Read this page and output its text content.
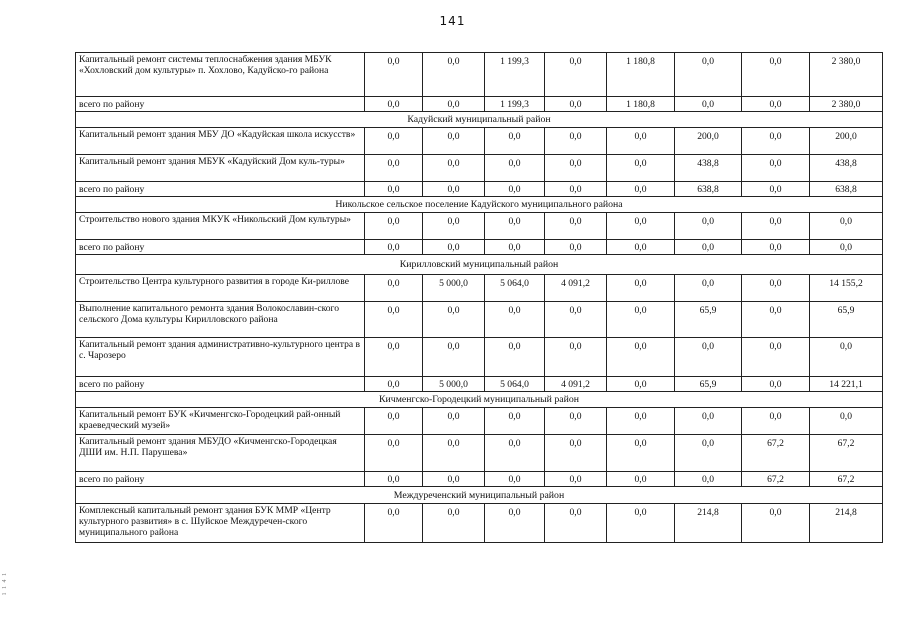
141
Капитальный ремонт системы теплоснабжения здания МБУК «Хохловский дом культуры» п. Хохлово, Кадуйско-го района	0,0	0,0	1 199,3	0,0	1 180,8	0,0	0,0	2 380,0
всего по району	0,0	0,0	1 199,3	0,0	1 180,8	0,0	0,0	2 380,0
Кадуйский муниципальный район								
Капитальный ремонт здания МБУ ДО «Кадуйская школа искусств»	0,0	0,0	0,0	0,0	0,0	200,0	0,0	200,0
Капитальный ремонт здания МБУК «Кадуйский Дом куль-туры»	0,0	0,0	0,0	0,0	0,0	438,8	0,0	438,8
всего по району	0,0	0,0	0,0	0,0	0,0	638,8	0,0	638,8
Никольское сельское поселение Кадуйского муниципального района								
Строительство нового здания МКУК «Никольский Дом культуры»	0,0	0,0	0,0	0,0	0,0	0,0	0,0	0,0
всего по району	0,0	0,0	0,0	0,0	0,0	0,0	0,0	0,0
Кирилловский муниципальный район								
Строительство Центра культурного развития в городе Ки-риллове	0,0	5 000,0	5 064,0	4 091,2	0,0	0,0	0,0	14 155,2
Выполнение капитального ремонта здания Волокославин-ского сельского Дома культуры Кирилловского района	0,0	0,0	0,0	0,0	0,0	65,9	0,0	65,9
Капитальный ремонт здания административно-культурного центра в с. Чарозеро	0,0	0,0	0,0	0,0	0,0	0,0	0,0	0,0
всего по району	0,0	5 000,0	5 064,0	4 091,2	0,0	65,9	0,0	14 221,1
Кичменгско-Городецкий муниципальный район								
Капитальный ремонт БУК «Кичменгско-Городецкий рай-онный краеведческий музей»	0,0	0,0	0,0	0,0	0,0	0,0	0,0	0,0
Капитальный ремонт здания МБУДО «Кичменгско-Городецкая ДШИ им. Н.П. Парушева»	0,0	0,0	0,0	0,0	0,0	0,0	67,2	67,2
всего по району	0,0	0,0	0,0	0,0	0,0	0,0	67,2	67,2
Междуреченский муниципальный район								
Комплексный капитальный ремонт здания БУК ММР «Центр культурного развития» в с. Шуйское Междуречен-ского муниципального района	0,0	0,0	0,0	0,0	0,0	214,8	0,0	214,8
1 1 4 1
